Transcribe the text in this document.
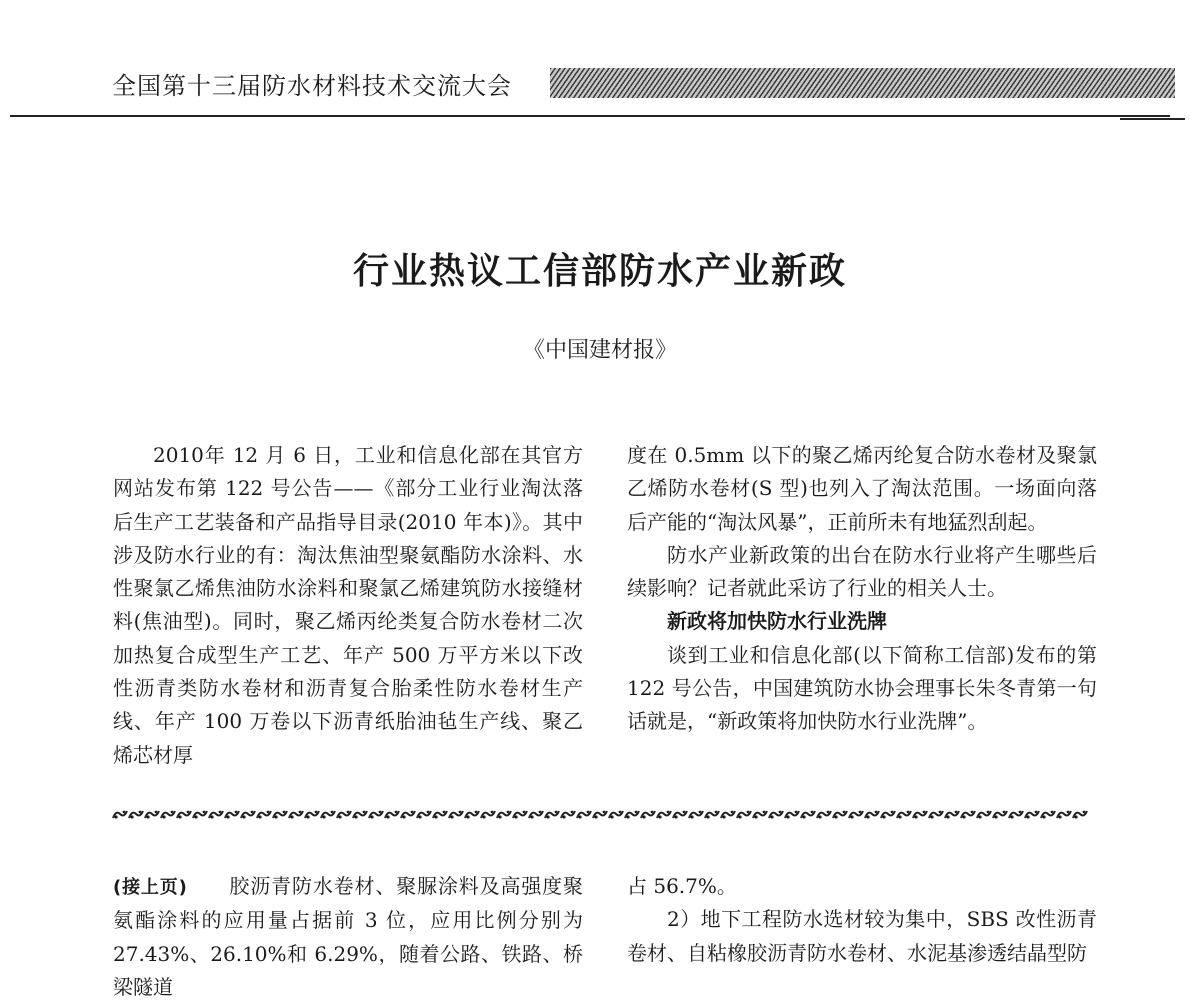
全国第十三届防水材料技术交流大会
行业热议工信部防水产业新政
《中国建材报》

2010年 12 月 6 日，工业和信息化部在其官方网站发布第 122 号公告——《部分工业行业淘汰落后生产工艺装备和产品指导目录(2010 年本)》。其中涉及防水行业的有：淘汰焦油型聚氨酯防水涂料、水性聚氯乙烯焦油防水涂料和聚氯乙烯建筑防水接缝材料(焦油型)。同时，聚乙烯丙纶类复合防水卷材二次加热复合成型生产工艺、年产 500 万平方米以下改性沥青类防水卷材和沥青复合胎柔性防水卷材生产线、年产 100 万卷以下沥青纸胎油毡生产线、聚乙烯芯材厚

度在 0.5mm 以下的聚乙烯丙纶复合防水卷材及聚氯乙烯防水卷材(S 型)也列入了淘汰范围。一场面向落后产能的“淘汰风暴”，正前所未有地猛烈刮起。

防水产业新政策的出台在防水行业将产生哪些后续影响？记者就此采访了行业的相关人士。

新政将加快防水行业洗牌

谈到工业和信息化部(以下简称工信部)发布的第 122 号公告，中国建筑防水协会理事长朱冬青第一句话就是，“新政策将加快防水行业洗牌”。

(接上页)　　 胶沥青防水卷材、聚脲涂料及高强度聚氨酯涂料的应用量占据前 3 位，应用比例分别为 27.43%、26.10%和 6.29%，随着公路、铁路、桥梁隧道

占 56.7%。

2）地下工程防水选材较为集中，SBS 改性沥青卷材、自粘橡胶沥青防水卷材、水泥基渗透结晶型防
